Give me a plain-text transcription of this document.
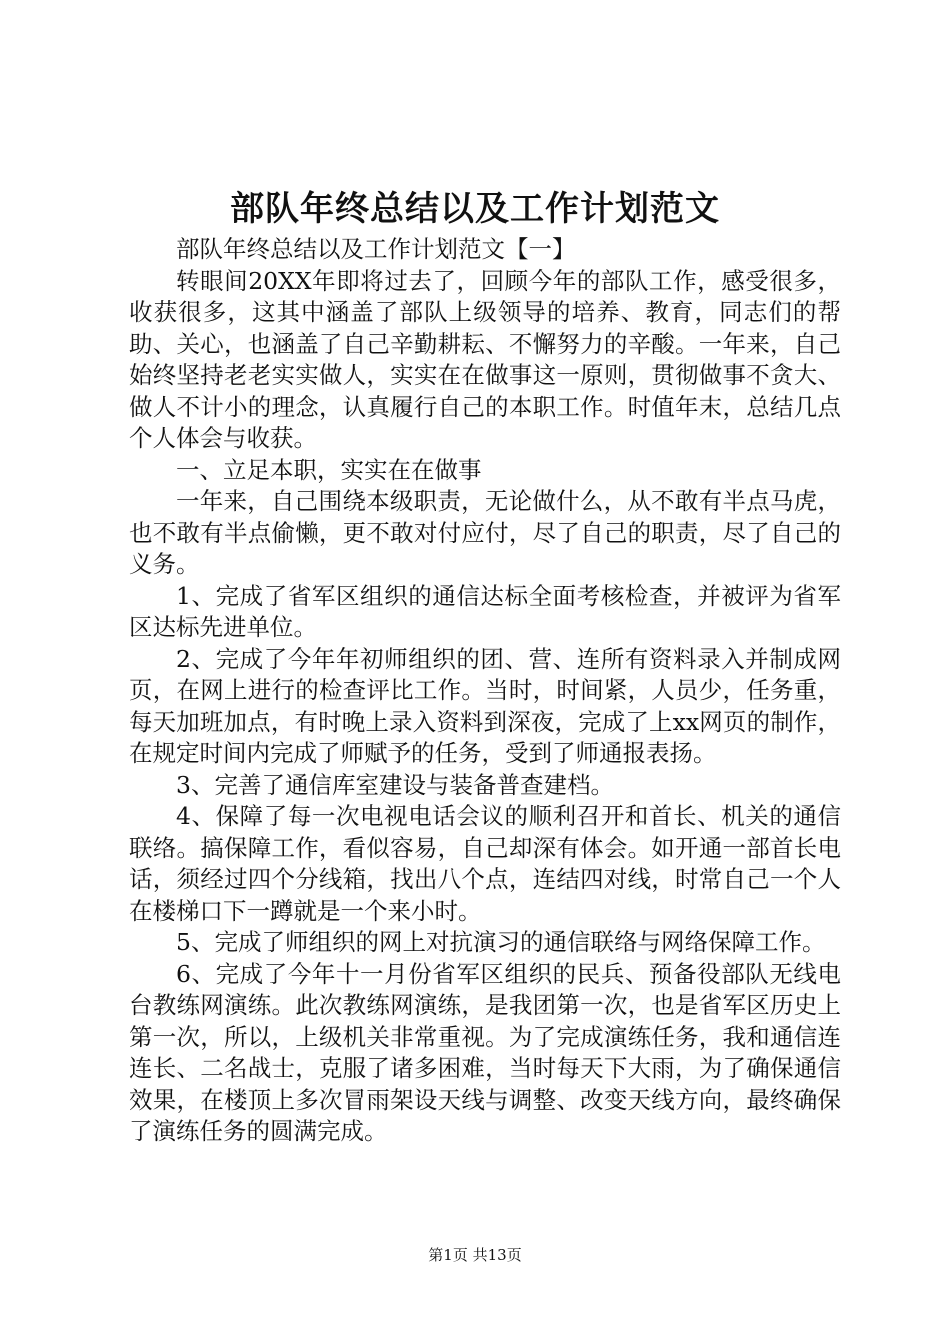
部队年终总结以及工作计划范文

部队年终总结以及工作计划范文【一】

转眼间20XX年即将过去了，回顾今年的部队工作，感受很多，收获很多，这其中涵盖了部队上级领导的培养、教育，同志们的帮助、关心，也涵盖了自己辛勤耕耘、不懈努力的辛酸。一年来，自己始终坚持老老实实做人，实实在在做事这一原则，贯彻做事不贪大、做人不计小的理念，认真履行自己的本职工作。时值年末，总结几点个人体会与收获。

一、立足本职，实实在在做事

一年来，自己围绕本级职责，无论做什么，从不敢有半点马虎，也不敢有半点偷懒，更不敢对付应付，尽了自己的职责，尽了自己的义务。

1、完成了省军区组织的通信达标全面考核检查，并被评为省军区达标先进单位。

2、完成了今年年初师组织的团、营、连所有资料录入并制成网页，在网上进行的检查评比工作。当时，时间紧，人员少，任务重，每天加班加点，有时晚上录入资料到深夜，完成了上xx网页的制作，在规定时间内完成了师赋予的任务，受到了师通报表扬。

3、完善了通信库室建设与装备普查建档。

4、保障了每一次电视电话会议的顺利召开和首长、机关的通信联络。搞保障工作，看似容易，自己却深有体会。如开通一部首长电话，须经过四个分线箱，找出八个点，连结四对线，时常自己一个人在楼梯口下一蹲就是一个来小时。

5、完成了师组织的网上对抗演习的通信联络与网络保障工作。

6、完成了今年十一月份省军区组织的民兵、预备役部队无线电台教练网演练。此次教练网演练，是我团第一次，也是省军区历史上第一次，所以，上级机关非常重视。为了完成演练任务，我和通信连连长、二名战士，克服了诸多困难，当时每天下大雨，为了确保通信效果，在楼顶上多次冒雨架设天线与调整、改变天线方向，最终确保了演练任务的圆满完成。

第1页 共13页
